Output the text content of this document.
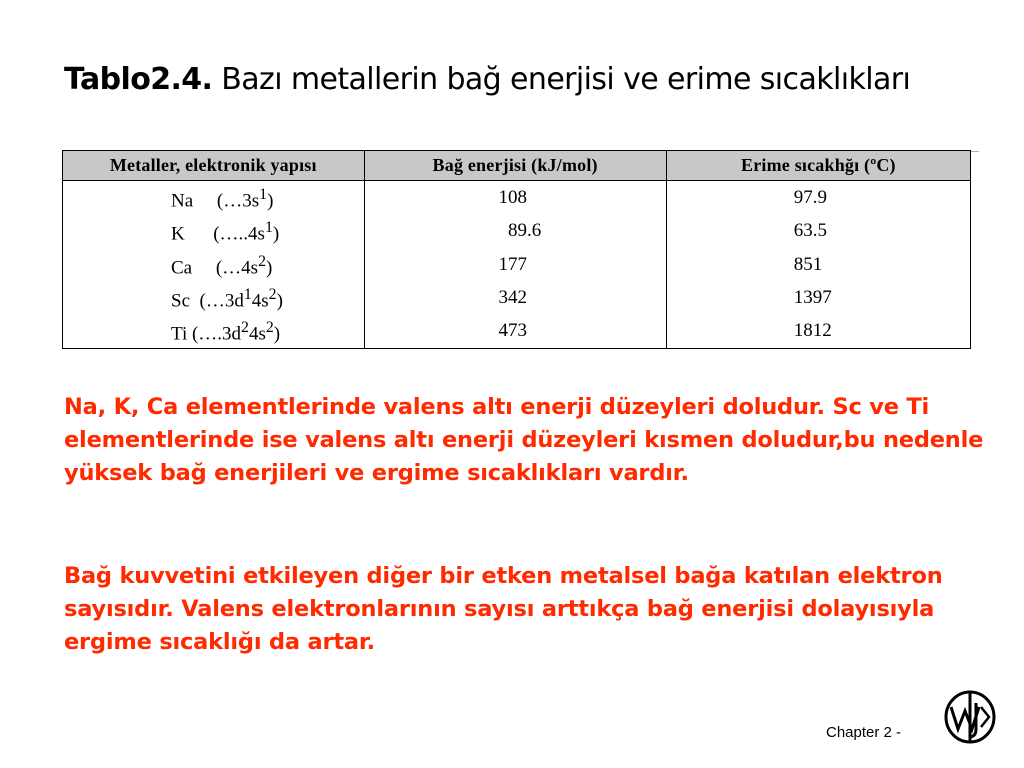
Tablo2.4. Bazı metallerin bağ enerjisi ve erime sıcaklıkları
Metaller, elektronik yapısı	Bağ enerjisi (kJ/mol)	Erime sıcakhğı (ºC)
Na     $(\dots 3s^1)$	108	97.9
K      $(\dots..4s^1)$	89.6	63.5
Ca     $(\dots 4s^2)$	177	851
Sc  $(\dots 3d^14s^2)$	342	1397
Ti $(\dots.3d^24s^2)$	473	1812
Na, K, Ca elementlerinde valens altı enerji düzeyleri doludur. Sc ve Ti elementlerinde ise valens altı enerji düzeyleri kısmen doludur,bu nedenle yüksek bağ enerjileri ve ergime sıcaklıkları vardır.
Bağ kuvvetini etkileyen diğer bir etken metalsel bağa katılan elektron sayısıdır. Valens elektronlarının sayısı arttıkça bağ enerjisi dolayısıyla ergime sıcaklığı da artar.
Chapter 2 -
